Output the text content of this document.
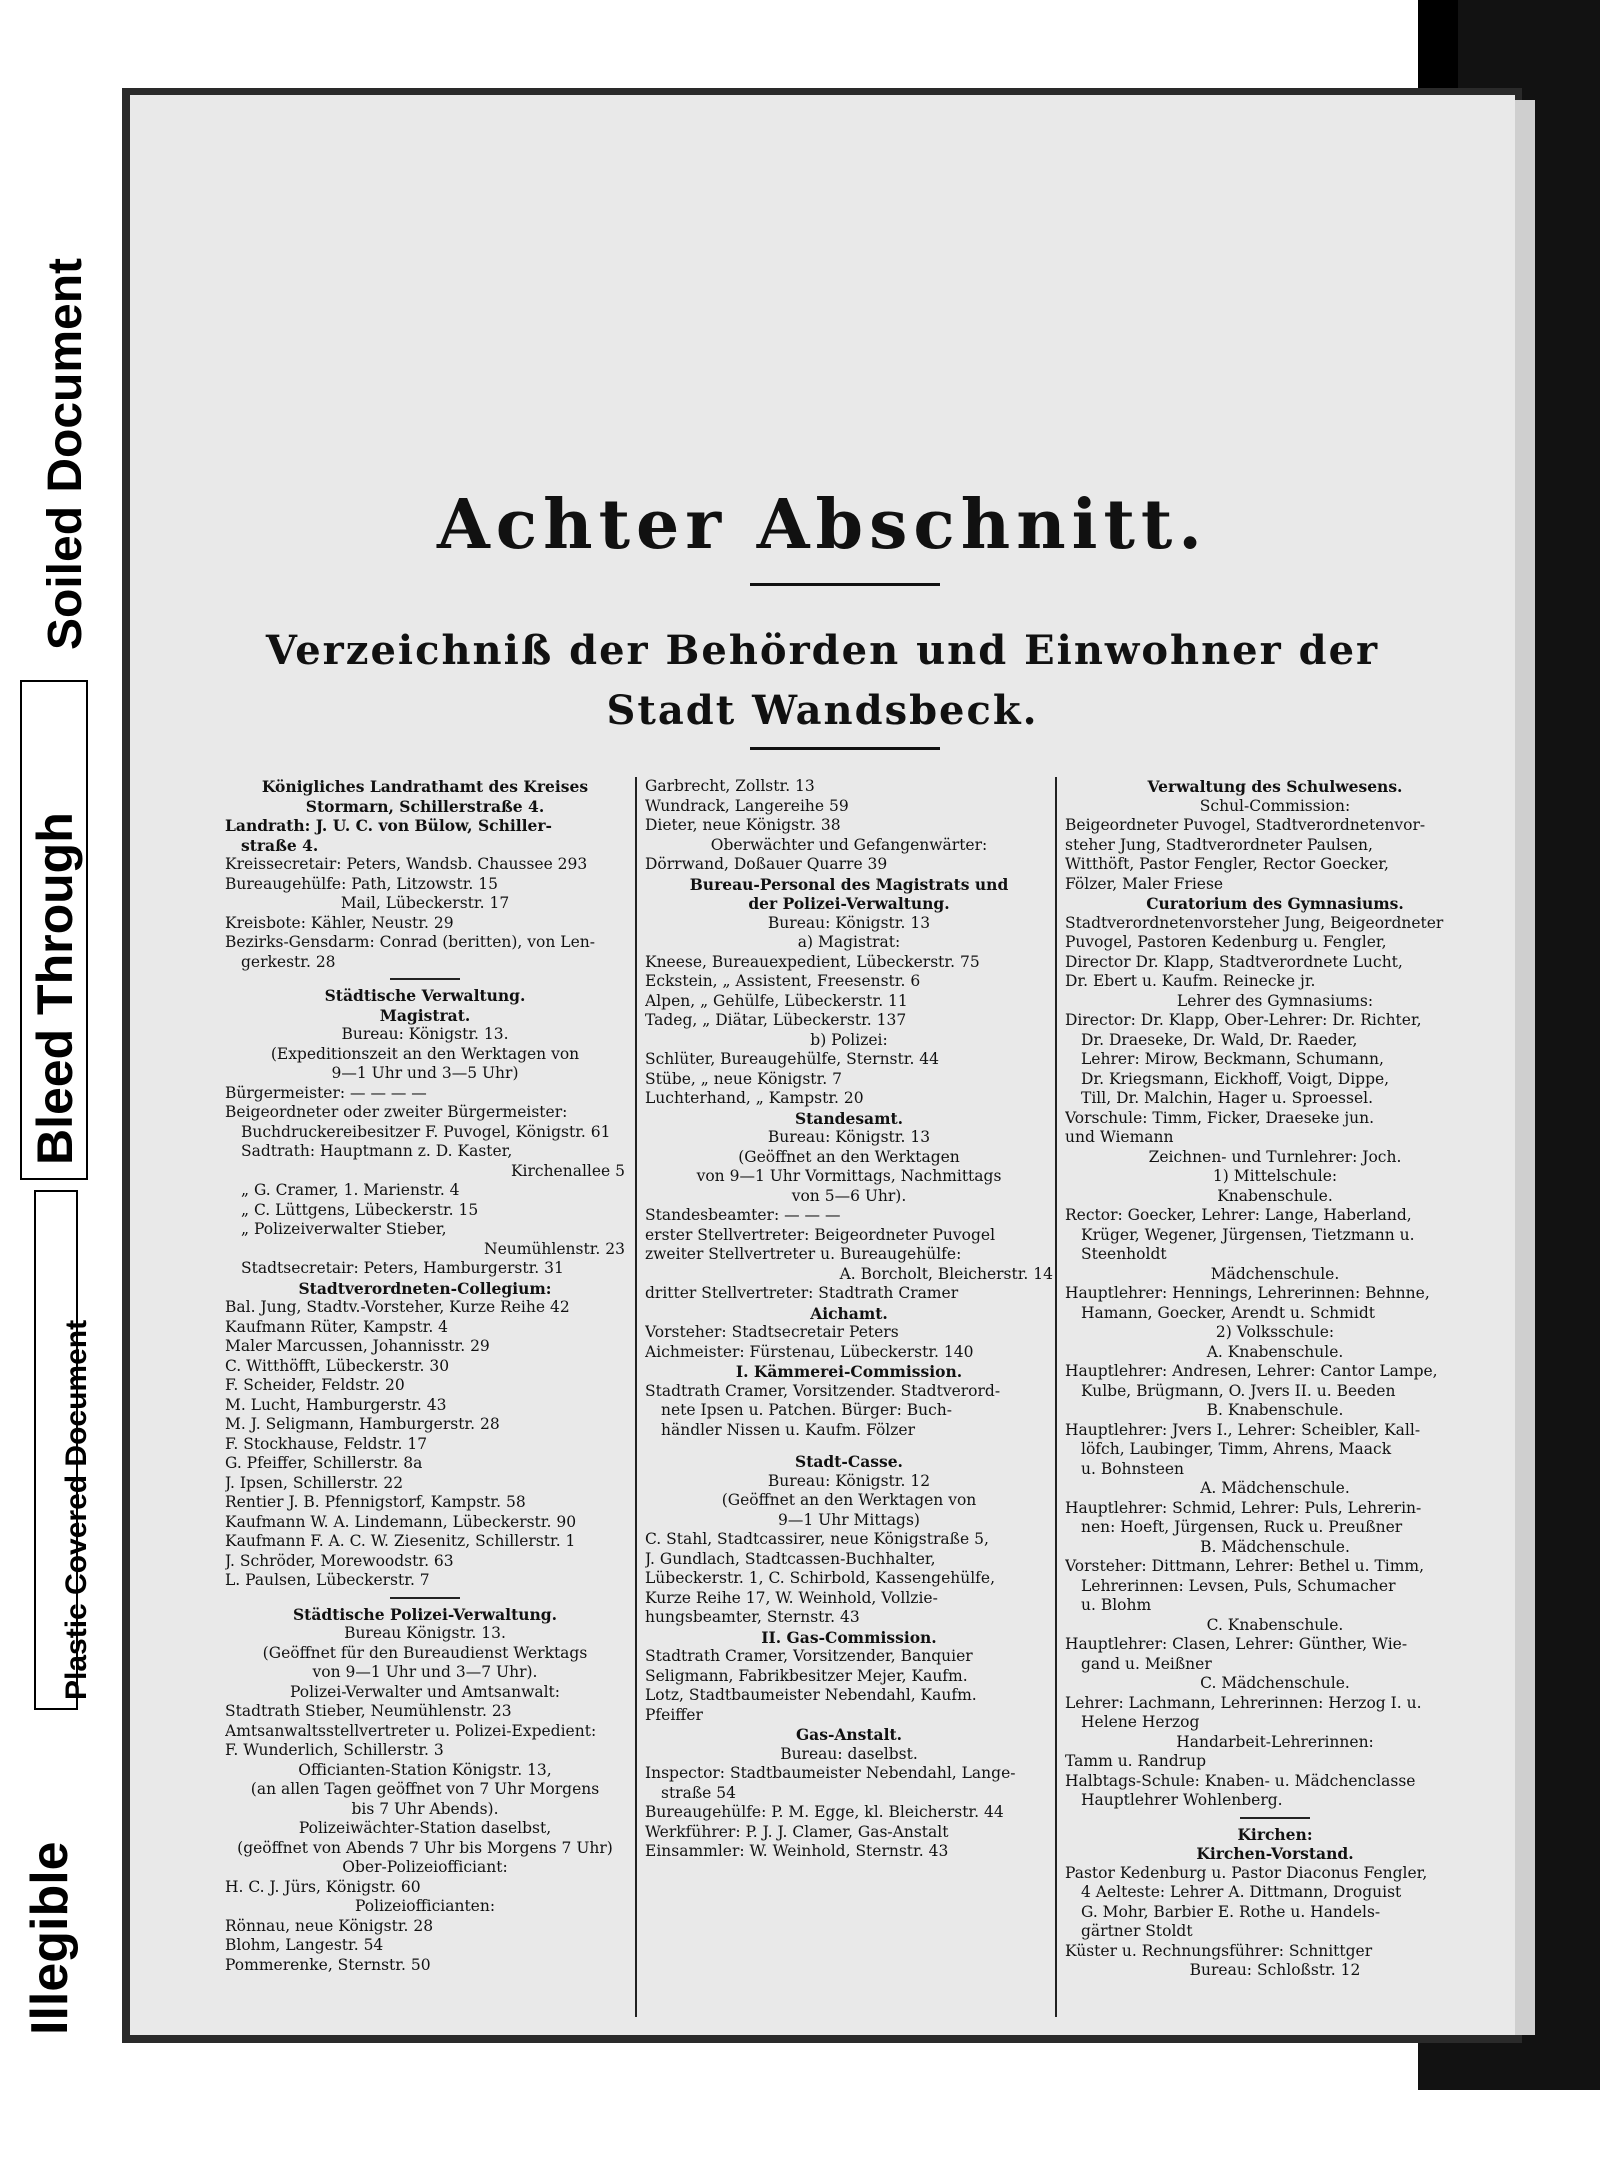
Soiled Document
Bleed Through
Plastic Covered Document
Illegible
Achter Abschnitt.
Verzeichniß der Behörden und Einwohner der
Stadt Wandsbeck.
Königliches Landrathamt des Kreises
Stormarn, Schillerstraße 4.
Landrath: J. U. C. von Bülow, Schiller-
straße 4.
Kreissecretair: Peters, Wandsb. Chaussee 293
Bureaugehülfe: Path, Litzowstr. 15
Mail, Lübeckerstr. 17
Kreisbote: Kähler, Neustr. 29
Bezirks-Gensdarm: Conrad (beritten), von Len-
gerkestr. 28
Städtische Verwaltung.
Magistrat.
Bureau: Königstr. 13.
(Expeditionszeit an den Werktagen von
9—1 Uhr und 3—5 Uhr)
Bürgermeister: — — — —
Beigeordneter oder zweiter Bürgermeister:
Buchdruckereibesitzer F. Puvogel, Königstr. 61
Sadtrath: Hauptmann z. D. Kaster,
Kirchenallee 5
„ G. Cramer, 1. Marienstr. 4
„ C. Lüttgens, Lübeckerstr. 15
„ Polizeiverwalter Stieber,
Neumühlenstr. 23
Stadtsecretair: Peters, Hamburgerstr. 31
Stadtverordneten-Collegium:
Bal. Jung, Stadtv.-Vorsteher, Kurze Reihe 42
Kaufmann Rüter, Kampstr. 4
Maler Marcussen, Johannisstr. 29
C. Witthöfft, Lübeckerstr. 30
F. Scheider, Feldstr. 20
M. Lucht, Hamburgerstr. 43
M. J. Seligmann, Hamburgerstr. 28
F. Stockhause, Feldstr. 17
G. Pfeiffer, Schillerstr. 8a
J. Ipsen, Schillerstr. 22
Rentier J. B. Pfennigstorf, Kampstr. 58
Kaufmann W. A. Lindemann, Lübeckerstr. 90
Kaufmann F. A. C. W. Ziesenitz, Schillerstr. 1
J. Schröder, Morewoodstr. 63
L. Paulsen, Lübeckerstr. 7
Städtische Polizei-Verwaltung.
Bureau Königstr. 13.
(Geöffnet für den Bureaudienst Werktags
von 9—1 Uhr und 3—7 Uhr).
Polizei-Verwalter und Amtsanwalt:
Stadtrath Stieber, Neumühlenstr. 23
Amtsanwaltsstellvertreter u. Polizei-Expedient:
F. Wunderlich, Schillerstr. 3
Officianten-Station Königstr. 13,
(an allen Tagen geöffnet von 7 Uhr Morgens
bis 7 Uhr Abends).
Polizeiwächter-Station daselbst,
(geöffnet von Abends 7 Uhr bis Morgens 7 Uhr)
Ober-Polizeiofficiant:
H. C. J. Jürs, Königstr. 60
Polizeiofficianten:
Rönnau, neue Königstr. 28
Blohm, Langestr. 54
Pommerenke, Sternstr. 50
Garbrecht, Zollstr. 13
Wundrack, Langereihe 59
Dieter, neue Königstr. 38
Oberwächter und Gefangenwärter:
Dörrwand, Doßauer Quarre 39
Bureau-Personal des Magistrats und
der Polizei-Verwaltung.
Bureau: Königstr. 13
a) Magistrat:
Kneese, Bureauexpedient, Lübeckerstr. 75
Eckstein, „ Assistent, Freesenstr. 6
Alpen, „ Gehülfe, Lübeckerstr. 11
Tadeg, „ Diätar, Lübeckerstr. 137
b) Polizei:
Schlüter, Bureaugehülfe, Sternstr. 44
Stübe, „ neue Königstr. 7
Luchterhand, „ Kampstr. 20
Standesamt.
Bureau: Königstr. 13
(Geöffnet an den Werktagen
von 9—1 Uhr Vormittags, Nachmittags
von 5—6 Uhr).
Standesbeamter: — — —
erster Stellvertreter: Beigeordneter Puvogel
zweiter Stellvertreter u. Bureaugehülfe:
A. Borcholt, Bleicherstr. 14
dritter Stellvertreter: Stadtrath Cramer
Aichamt.
Vorsteher: Stadtsecretair Peters
Aichmeister: Fürstenau, Lübeckerstr. 140
I. Kämmerei-Commission.
Stadtrath Cramer, Vorsitzender. Stadtverord-
nete Ipsen u. Patchen. Bürger: Buch-
händler Nissen u. Kaufm. Fölzer
Stadt-Casse.
Bureau: Königstr. 12
(Geöffnet an den Werktagen von
9—1 Uhr Mittags)
C. Stahl, Stadtcassirer, neue Königstraße 5,
J. Gundlach, Stadtcassen-Buchhalter,
Lübeckerstr. 1, C. Schirbold, Kassengehülfe,
Kurze Reihe 17, W. Weinhold, Vollzie-
hungsbeamter, Sternstr. 43
II. Gas-Commission.
Stadtrath Cramer, Vorsitzender, Banquier
Seligmann, Fabrikbesitzer Mejer, Kaufm.
Lotz, Stadtbaumeister Nebendahl, Kaufm.
Pfeiffer
Gas-Anstalt.
Bureau: daselbst.
Inspector: Stadtbaumeister Nebendahl, Lange-
straße 54
Bureaugehülfe: P. M. Egge, kl. Bleicherstr. 44
Werkführer: P. J. J. Clamer, Gas-Anstalt
Einsammler: W. Weinhold, Sternstr. 43
Verwaltung des Schulwesens.
Schul-Commission:
Beigeordneter Puvogel, Stadtverordnetenvor-
steher Jung, Stadtverordneter Paulsen,
Witthöft, Pastor Fengler, Rector Goecker,
Fölzer, Maler Friese
Curatorium des Gymnasiums.
Stadtverordnetenvorsteher Jung, Beigeordneter
Puvogel, Pastoren Kedenburg u. Fengler,
Director Dr. Klapp, Stadtverordnete Lucht,
Dr. Ebert u. Kaufm. Reinecke jr.
Lehrer des Gymnasiums:
Director: Dr. Klapp, Ober-Lehrer: Dr. Richter,
Dr. Draeseke, Dr. Wald, Dr. Raeder,
Lehrer: Mirow, Beckmann, Schumann,
Dr. Kriegsmann, Eickhoff, Voigt, Dippe,
Till, Dr. Malchin, Hager u. Sproessel.
Vorschule: Timm, Ficker, Draeseke jun.
und Wiemann
Zeichnen- und Turnlehrer: Joch.
1) Mittelschule:
Knabenschule.
Rector: Goecker, Lehrer: Lange, Haberland,
Krüger, Wegener, Jürgensen, Tietzmann u.
Steenholdt
Mädchenschule.
Hauptlehrer: Hennings, Lehrerinnen: Behnne,
Hamann, Goecker, Arendt u. Schmidt
2) Volksschule:
A. Knabenschule.
Hauptlehrer: Andresen, Lehrer: Cantor Lampe,
Kulbe, Brügmann, O. Jvers II. u. Beeden
B. Knabenschule.
Hauptlehrer: Jvers I., Lehrer: Scheibler, Kall-
löfch, Laubinger, Timm, Ahrens, Maack
u. Bohnsteen
A. Mädchenschule.
Hauptlehrer: Schmid, Lehrer: Puls, Lehrerin-
nen: Hoeft, Jürgensen, Ruck u. Preußner
B. Mädchenschule.
Vorsteher: Dittmann, Lehrer: Bethel u. Timm,
Lehrerinnen: Levsen, Puls, Schumacher
u. Blohm
C. Knabenschule.
Hauptlehrer: Clasen, Lehrer: Günther, Wie-
gand u. Meißner
C. Mädchenschule.
Lehrer: Lachmann, Lehrerinnen: Herzog I. u.
Helene Herzog
Handarbeit-Lehrerinnen:
Tamm u. Randrup
Halbtags-Schule: Knaben- u. Mädchenclasse
Hauptlehrer Wohlenberg.
Kirchen:
Kirchen-Vorstand.
Pastor Kedenburg u. Pastor Diaconus Fengler,
4 Aelteste: Lehrer A. Dittmann, Droguist
G. Mohr, Barbier E. Rothe u. Handels-
gärtner Stoldt
Küster u. Rechnungsführer: Schnittger
Bureau: Schloßstr. 12
